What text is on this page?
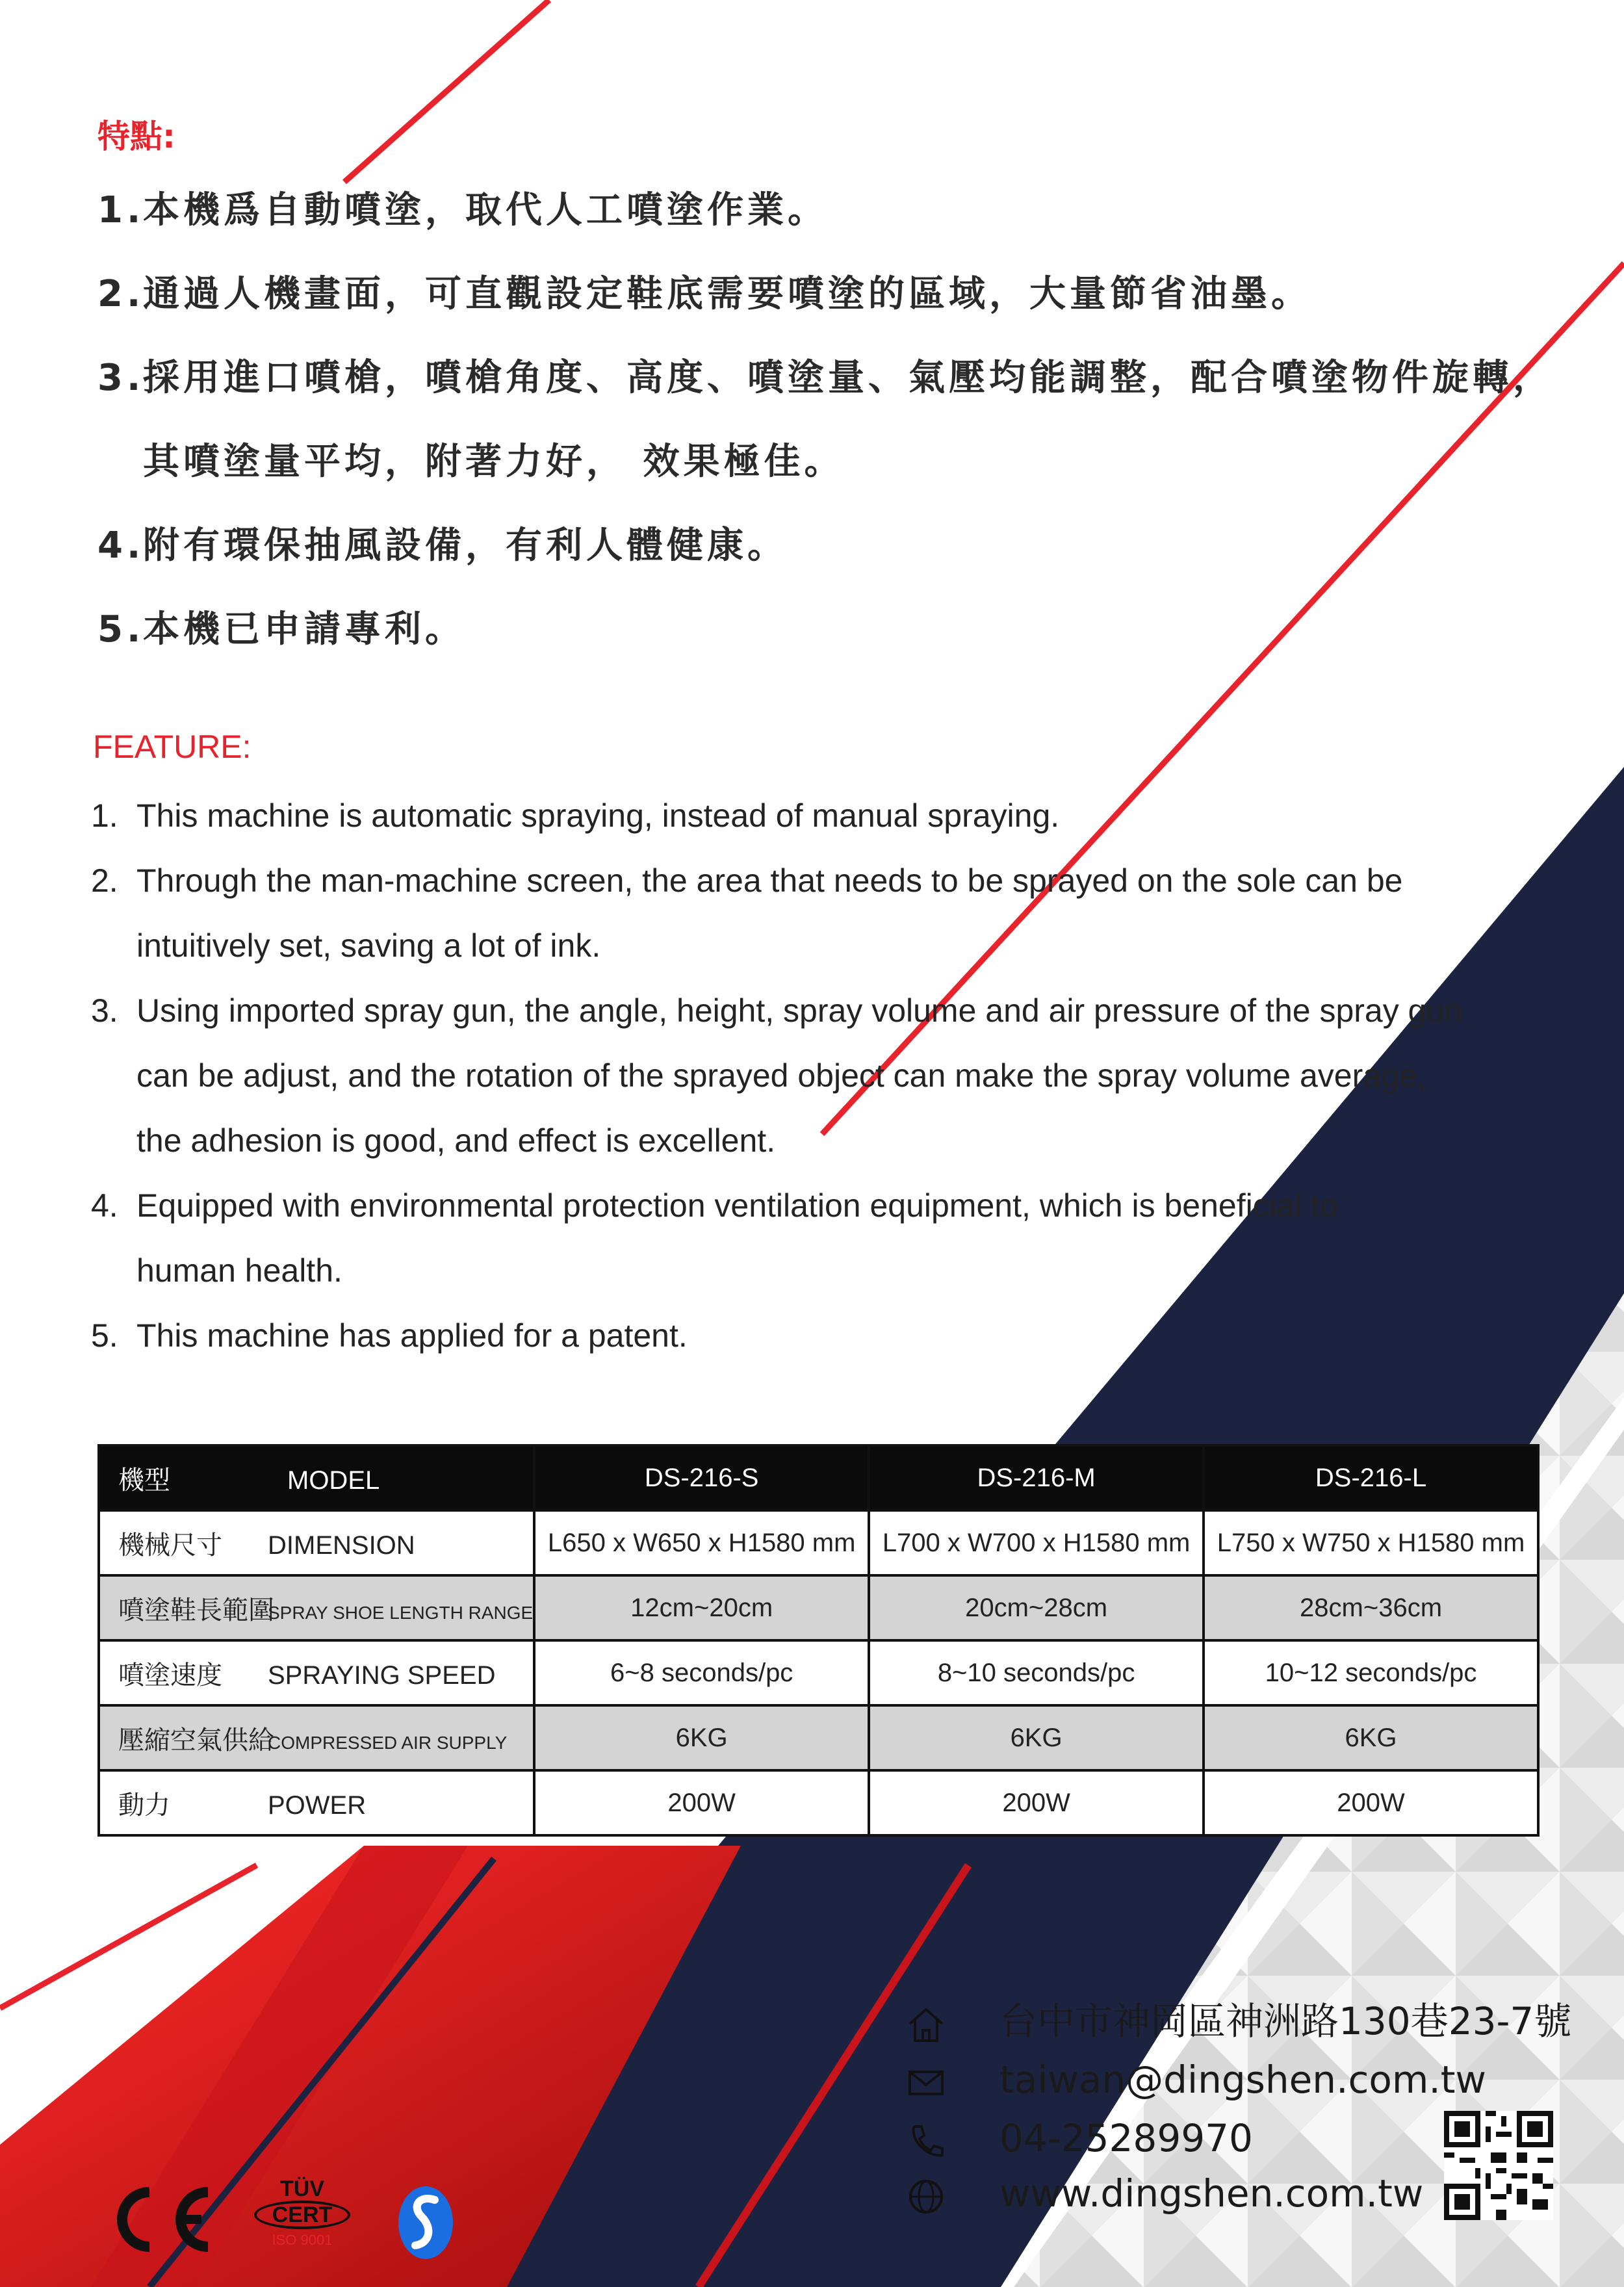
特點:
1.本機爲自動噴塗，取代人工噴塗作業。
2.通過人機畫面，可直觀設定鞋底需要噴塗的區域，大量節省油墨。
3.採用進口噴槍，噴槍角度、高度、噴塗量、氣壓均能調整，配合噴塗物件旋轉，
其噴塗量平均，附著力好， 效果極佳。
4.附有環保抽風設備，有利人體健康。
5.本機已申請專利。
FEATURE:
1. This machine is automatic spraying, instead of manual spraying.
2. Through the man-machine screen, the area that needs to be sprayed on the sole can be
intuitively set, saving a lot of ink.
3. Using imported spray gun, the angle, height, spray volume and air pressure of the spray gun
can be adjust, and the rotation of the sprayed object can make the spray volume average,
the adhesion is good, and effect is excellent.
4. Equipped with environmental protection ventilation equipment, which is beneficial to
human health.
5. This machine has applied for a patent.
機型 MODEL	DS-216-S	DS-216-M	DS-216-L
機械尺寸 DIMENSION	L650 x W650 x H1580 mm	L700 x W700 x H1580 mm	L750 x W750 x H1580 mm
噴塗鞋長範圍SPRAY SHOE LENGTH RANGE	12cm~20cm	20cm~28cm	28cm~36cm
噴塗速度 SPRAYING SPEED	6~8 seconds/pc	8~10 seconds/pc	10~12 seconds/pc
壓縮空氣供給COMPRESSED AIR SUPPLY	6KG	6KG	6KG
動力 POWER	200W	200W	200W
台中市神岡區神洲路130巷23-7號
taiwan@dingshen.com.tw
04-25289970
www.dingshen.com.tw
TÜV
CERT
ISO 9001
